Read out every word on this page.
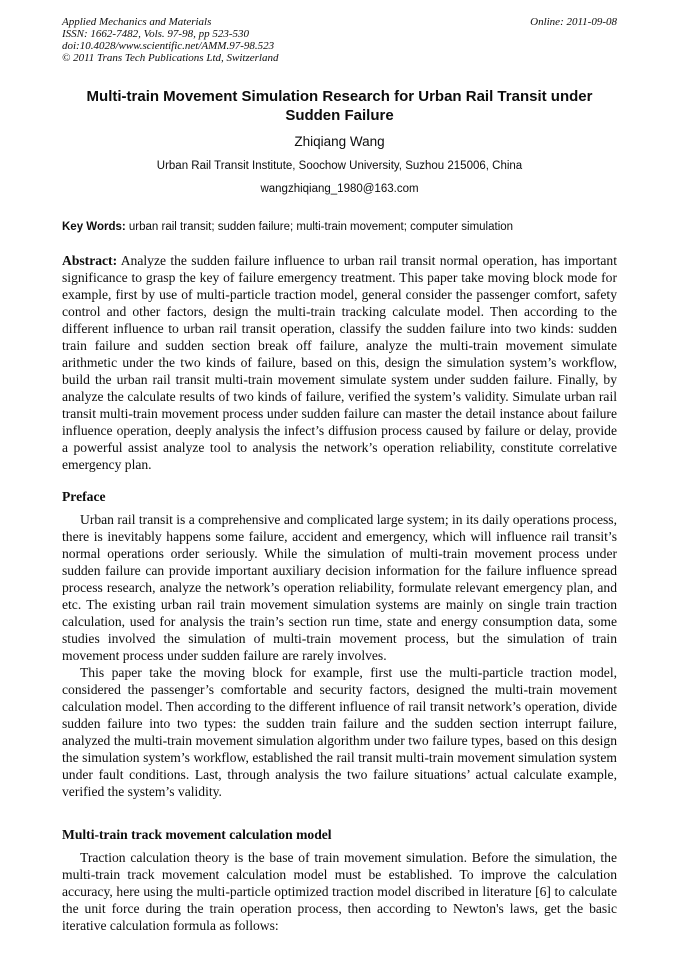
Applied Mechanics and Materials
ISSN: 1662-7482, Vols. 97-98, pp 523-530
doi:10.4028/www.scientific.net/AMM.97-98.523
© 2011 Trans Tech Publications Ltd, Switzerland
Online: 2011-09-08
Multi-train Movement Simulation Research for Urban Rail Transit under Sudden Failure
Zhiqiang Wang
Urban Rail Transit Institute, Soochow University, Suzhou 215006, China
wangzhiqiang_1980@163.com

Key Words: urban rail transit; sudden failure; multi-train movement; computer simulation

Abstract: Analyze the sudden failure influence to urban rail transit normal operation, has important significance to grasp the key of failure emergency treatment. This paper take moving block mode for example, first by use of multi-particle traction model, general consider the passenger comfort, safety control and other factors, design the multi-train tracking calculate model. Then according to the different influence to urban rail transit operation, classify the sudden failure into two kinds: sudden train failure and sudden section break off failure, analyze the multi-train movement simulate arithmetic under the two kinds of failure, based on this, design the simulation system’s workflow, build the urban rail transit multi-train movement simulate system under sudden failure. Finally, by analyze the calculate results of two kinds of failure, verified the system’s validity. Simulate urban rail transit multi-train movement process under sudden failure can master the detail instance about failure influence operation, deeply analysis the infect’s diffusion process caused by failure or delay, provide a powerful assist analyze tool to analysis the network’s operation reliability, constitute correlative emergency plan.

Preface

Urban rail transit is a comprehensive and complicated large system; in its daily operations process, there is inevitably happens some failure, accident and emergency, which will influence rail transit’s normal operations order seriously. While the simulation of multi-train movement process under sudden failure can provide important auxiliary decision information for the failure influence spread process research, analyze the network’s operation reliability, formulate relevant emergency plan, and etc. The existing urban rail train movement simulation systems are mainly on single train traction calculation, used for analysis the train’s section run time, state and energy consumption data, some studies involved the simulation of multi-train movement process, but the simulation of train movement process under sudden failure are rarely involves.

This paper take the moving block for example, first use the multi-particle traction model, considered the passenger’s comfortable and security factors, designed the multi-train movement calculation model. Then according to the different influence of rail transit network’s operation, divide sudden failure into two types: the sudden train failure and the sudden section interrupt failure, analyzed the multi-train movement simulation algorithm under two failure types, based on this design the simulation system’s workflow, established the rail transit multi-train movement simulation system under fault conditions. Last, through analysis the two failure situations’ actual calculate example, verified the system’s validity.

Multi-train track movement calculation model

Traction calculation theory is the base of train movement simulation. Before the simulation, the multi-train track movement calculation model must be established. To improve the calculation accuracy, here using the multi-particle optimized traction model discribed in literature [6] to calculate the unit force during the train operation process, then according to Newton's laws, get the basic iterative calculation formula as follows:
